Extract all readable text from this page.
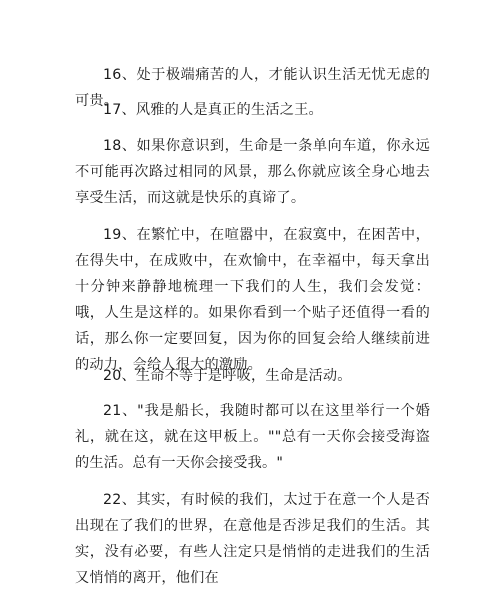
16、处于极端痛苦的人，才能认识生活无忧无虑的可贵。

17、风雅的人是真正的生活之王。

18、如果你意识到，生命是一条单向车道，你永远不可能再次路过相同的风景，那么你就应该全身心地去享受生活，而这就是快乐的真谛了。

19、在繁忙中，在喧嚣中，在寂寞中，在困苦中，在得失中，在成败中，在欢愉中，在幸福中，每天拿出十分钟来静静地梳理一下我们的人生，我们会发觉：哦，人生是这样的。如果你看到一个贴子还值得一看的话，那么你一定要回复，因为你的回复会给人继续前进的动力，会给人很大的激励。

20、生命不等于是呼吸，生命是活动。

21、"我是船长，我随时都可以在这里举行一个婚礼，就在这，就在这甲板上。""总有一天你会接受海盗的生活。总有一天你会接受我。"

22、其实，有时候的我们，太过于在意一个人是否出现在了我们的世界，在意他是否涉足我们的生活。其实，没有必要，有些人注定只是悄悄的走进我们的生活又悄悄的离开，他们在
